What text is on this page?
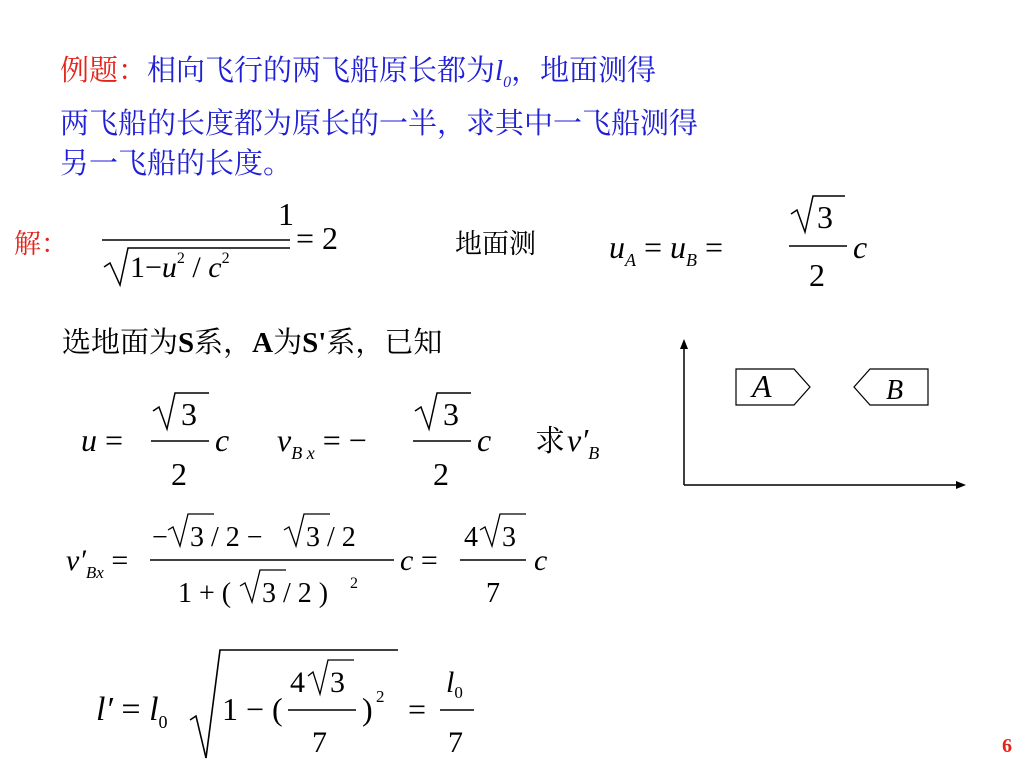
例题：相向飞行的两飞船原长都为$l_0$，地面测得
两飞船的长度都为原长的一半，求其中一飞船测得
另一飞船的长度。
解：
1
$1-u^2 / c^2$
= 2	地面测 $u_A = u_B$ =
3
2
c
选地面为S系，A为S'系，已知
u =
3
2
c $v_{B x}$ = −
3
2
c 求 $v'_B$
$v'_{Bx}$ =
− 3 / 2 − 3 / 2
1 + ( 3 / 2 ) 2
c =
4 3
7
c
$l' = l_0$ 1 − (
4 3
7
) 2 =
$l_0$
7
A	B
6
